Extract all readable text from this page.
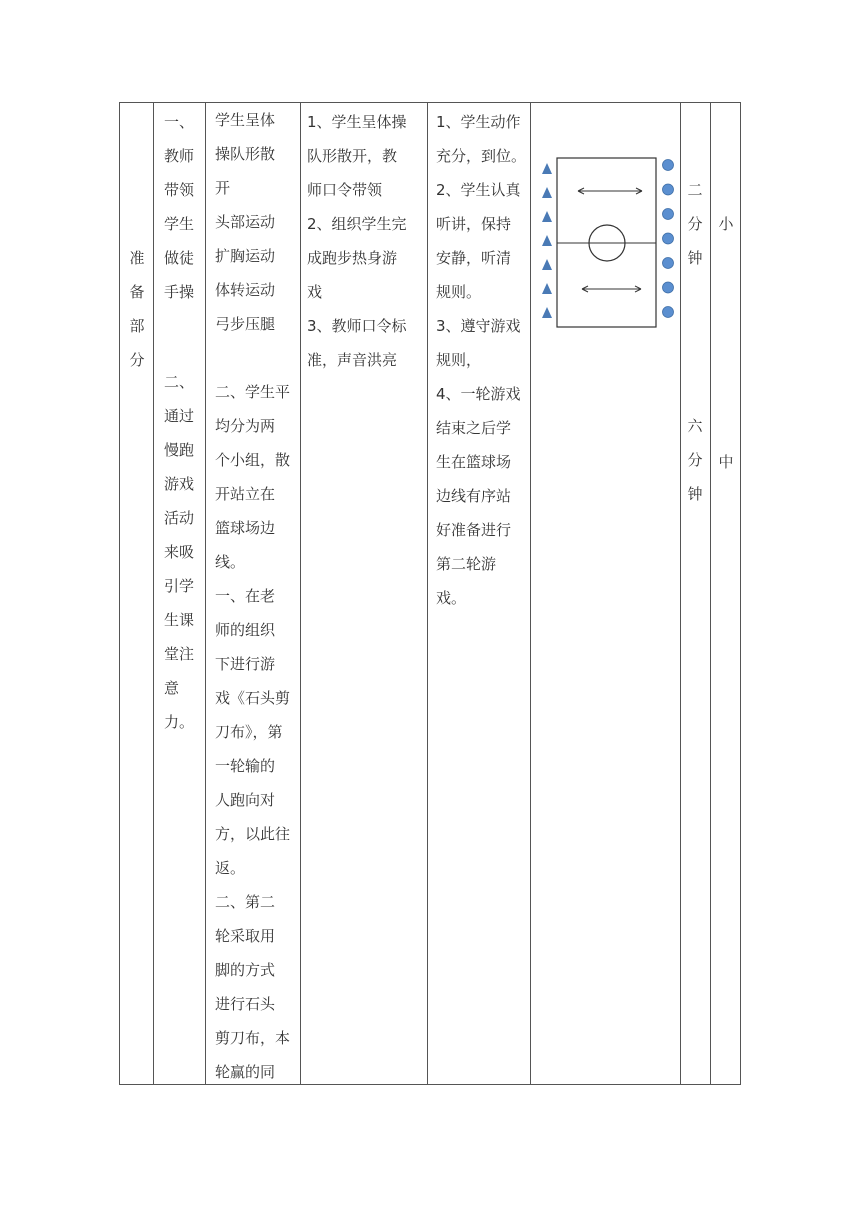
准
备
部
分
一、
教师
带领
学生
做徒
手操
二、
通过
慢跑
游戏
活动
来吸
引学
生课
堂注
意
力。
学生呈体
操队形散
开
头部运动
扩胸运动
体转运动
弓步压腿
二、学生平
均分为两
个小组，散
开站立在
篮球场边
线。
一、在老
师的组织
下进行游
戏《石头剪
刀布》，第
一轮输的
人跑向对
方，以此往
返。
二、第二
轮采取用
脚的方式
进行石头
剪刀布，本
轮赢的同
1、学生呈体操
队形散开，教
师口令带领
2、组织学生完
成跑步热身游
戏
3、教师口令标
准，声音洪亮
1、学生动作
充分，到位。
2、学生认真
听讲，保持
安静，听清
规则。
3、遵守游戏
规则，
4、一轮游戏
结束之后学
生在篮球场
边线有序站
好准备进行
第二轮游
戏。
二
分
钟
六
分
钟
小
中
